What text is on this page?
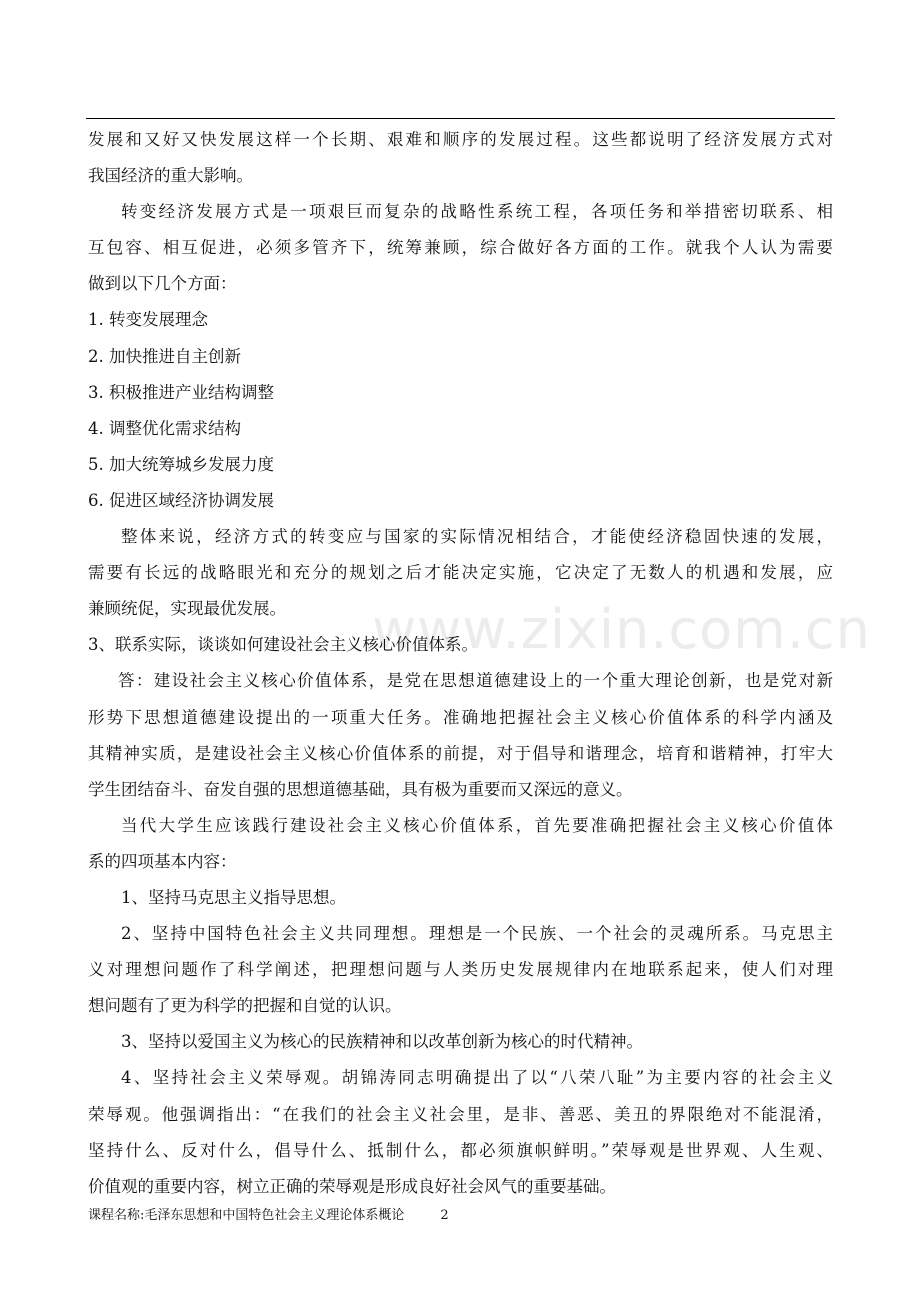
www.zixin.com.cn
发展和又好又快发展这样一个长期、艰难和顺序的发展过程。这些都说明了经济发展方式对
我国经济的重大影响。
转变经济发展方式是一项艰巨而复杂的战略性系统工程，各项任务和举措密切联系、相
互包容、相互促进，必须多管齐下，统筹兼顾，综合做好各方面的工作。就我个人认为需要
做到以下几个方面：
1. 转变发展理念
2. 加快推进自主创新
3. 积极推进产业结构调整
4. 调整优化需求结构
5. 加大统筹城乡发展力度
6. 促进区域经济协调发展
整体来说，经济方式的转变应与国家的实际情况相结合，才能使经济稳固快速的发展，
需要有长远的战略眼光和充分的规划之后才能决定实施，它决定了无数人的机遇和发展，应
兼顾统促，实现最优发展。
3、联系实际，谈谈如何建设社会主义核心价值体系。
答：建设社会主义核心价值体系，是党在思想道德建设上的一个重大理论创新，也是党对新
形势下思想道德建设提出的一项重大任务。准确地把握社会主义核心价值体系的科学内涵及
其精神实质，是建设社会主义核心价值体系的前提，对于倡导和谐理念，培育和谐精神，打牢大
学生团结奋斗、奋发自强的思想道德基础，具有极为重要而又深远的意义。
当代大学生应该践行建设社会主义核心价值体系，首先要准确把握社会主义核心价值体
系的四项基本内容：
1、坚持马克思主义指导思想。
2、坚持中国特色社会主义共同理想。理想是一个民族、一个社会的灵魂所系。马克思主
义对理想问题作了科学阐述，把理想问题与人类历史发展规律内在地联系起来，使人们对理
想问题有了更为科学的把握和自觉的认识。
3、坚持以爱国主义为核心的民族精神和以改革创新为核心的时代精神。
4、坚持社会主义荣辱观。胡锦涛同志明确提出了以“八荣八耻”为主要内容的社会主义
荣辱观。他强调指出：“在我们的社会主义社会里，是非、善恶、美丑的界限绝对不能混淆，
坚持什么、反对什么，倡导什么、抵制什么，都必须旗帜鲜明。”荣辱观是世界观、人生观、
价值观的重要内容，树立正确的荣辱观是形成良好社会风气的重要基础。
课程名称:毛泽东思想和中国特色社会主义理论体系概论	2
